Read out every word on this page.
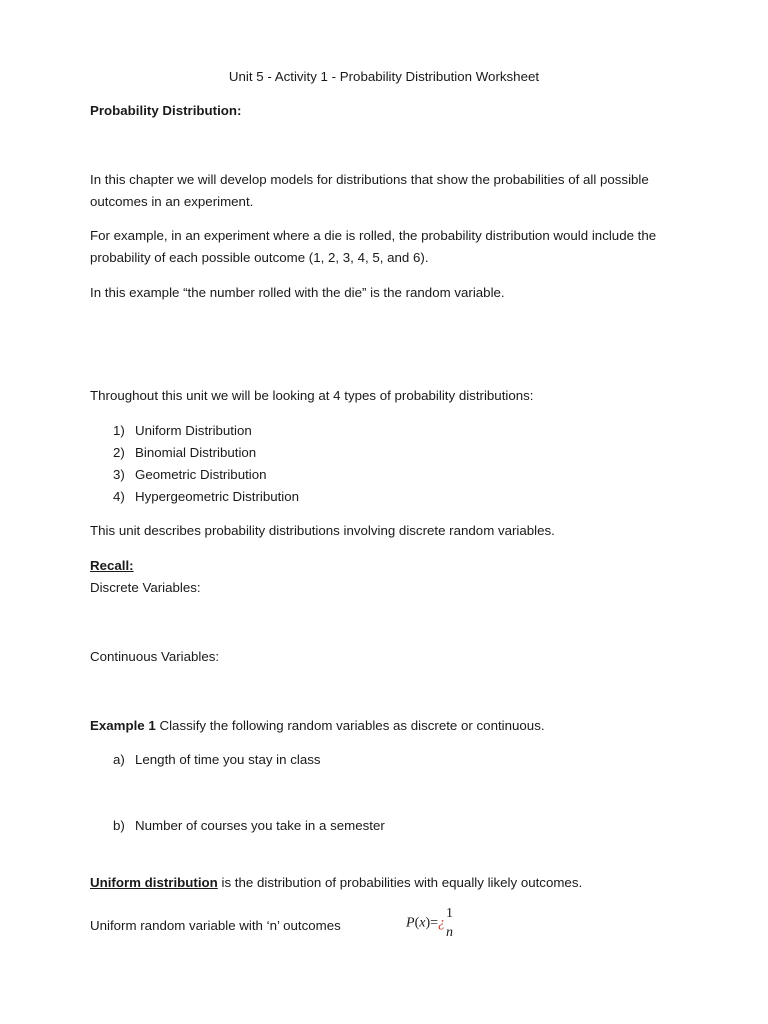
Unit 5 - Activity 1 - Probability Distribution Worksheet
Probability Distribution:
In this chapter we will develop models for distributions that show the probabilities of all possible outcomes in an experiment.
For example, in an experiment where a die is rolled, the probability distribution would include the probability of each possible outcome (1, 2, 3, 4, 5, and 6).
In this example “the number rolled with the die” is the random variable.
Throughout this unit we will be looking at 4 types of probability distributions:
1) Uniform Distribution
2) Binomial Distribution
3) Geometric Distribution
4) Hypergeometric Distribution
This unit describes probability distributions involving discrete random variables.
Recall:
Discrete Variables:
Continuous Variables:
Example 1 Classify the following random variables as discrete or continuous.
a) Length of time you stay in class
b) Number of courses you take in a semester
Uniform distribution is the distribution of probabilities with equally likely outcomes.
Uniform random variable with ‘n’ outcomes	P(x)=¿
1
n
